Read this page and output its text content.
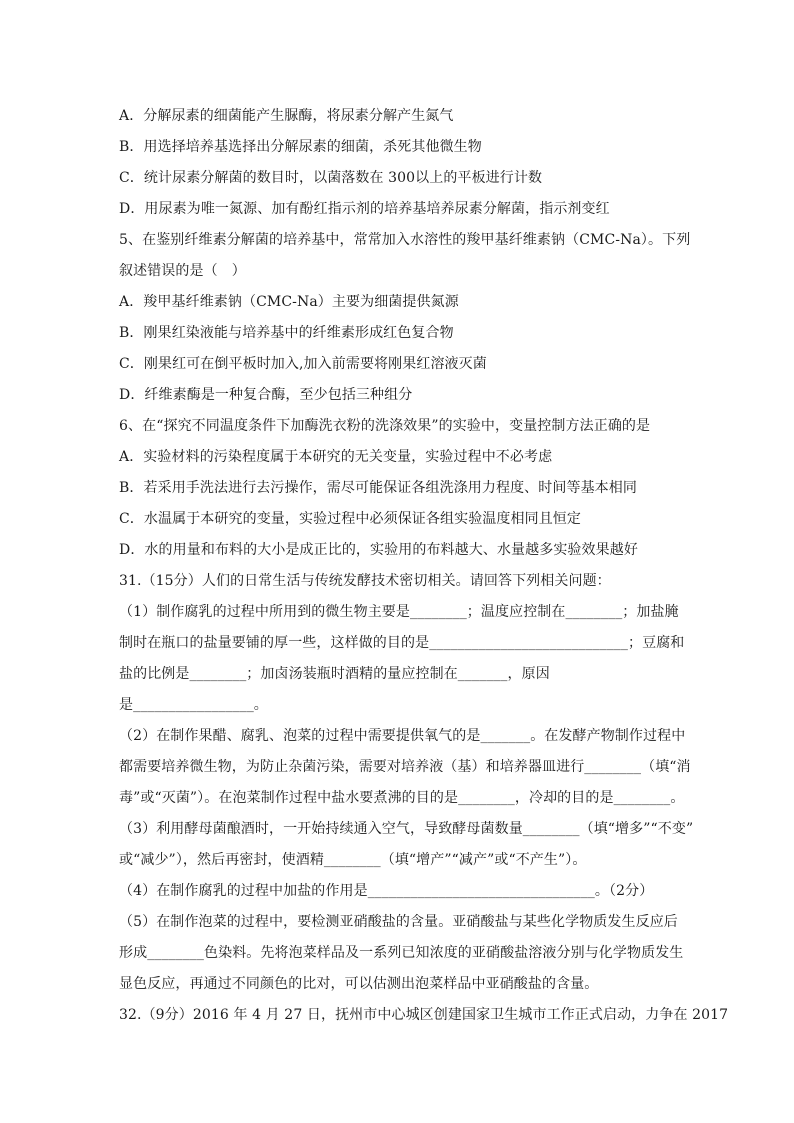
A．分解尿素的细菌能产生脲酶，将尿素分解产生氮气
B．用选择培养基选择出分解尿素的细菌，杀死其他微生物
C．统计尿素分解菌的数目时，以菌落数在 300以上的平板进行计数
D．用尿素为唯一氮源、加有酚红指示剂的培养基培养尿素分解菌，指示剂变红
5、在鉴别纤维素分解菌的培养基中，常常加入水溶性的羧甲基纤维素钠（CMC-Na）。下列
叙述错误的是（　）
A．羧甲基纤维素钠（CMC-Na）主要为细菌提供氮源
B．刚果红染液能与培养基中的纤维素形成红色复合物
C．刚果红可在倒平板时加入,加入前需要将刚果红溶液灭菌
D．纤维素酶是一种复合酶，至少包括三种组分
6、在“探究不同温度条件下加酶洗衣粉的洗涤效果”的实验中，变量控制方法正确的是
A．实验材料的污染程度属于本研究的无关变量，实验过程中不必考虑
B．若采用手洗法进行去污操作，需尽可能保证各组洗涤用力程度、时间等基本相同
C．水温属于本研究的变量，实验过程中必须保证各组实验温度相同且恒定
D．水的用量和布料的大小是成正比的，实验用的布料越大、水量越多实验效果越好
31.（15分）人们的日常生活与传统发酵技术密切相关。请回答下列相关问题：
（1）制作腐乳的过程中所用到的微生物主要是________；温度应控制在________；加盐腌
制时在瓶口的盐量要铺的厚一些，这样做的目的是____________________________；豆腐和
盐的比例是________；加卤汤装瓶时酒精的量应控制在_______，原因
是_________________。
（2）在制作果醋、腐乳、泡菜的过程中需要提供氧气的是_______。在发酵产物制作过程中
都需要培养微生物，为防止杂菌污染，需要对培养液（基）和培养器皿进行________（填“消
毒”或“灭菌”）。在泡菜制作过程中盐水要煮沸的目的是________，冷却的目的是________。
（3）利用酵母菌酿酒时，一开始持续通入空气，导致酵母菌数量________（填“增多”“不变”
或“减少”），然后再密封，使酒精________（填“增产”“减产”或“不产生”）。
（4）在制作腐乳的过程中加盐的作用是________________________________。（2分）
（5）在制作泡菜的过程中，要检测亚硝酸盐的含量。亚硝酸盐与某些化学物质发生反应后
形成________色染料。先将泡菜样品及一系列已知浓度的亚硝酸盐溶液分别与化学物质发生
显色反应，再通过不同颜色的比对，可以估测出泡菜样品中亚硝酸盐的含量。
32.（9分）2016 年 4 月 27 日，抚州市中心城区创建国家卫生城市工作正式启动，力争在 2017
